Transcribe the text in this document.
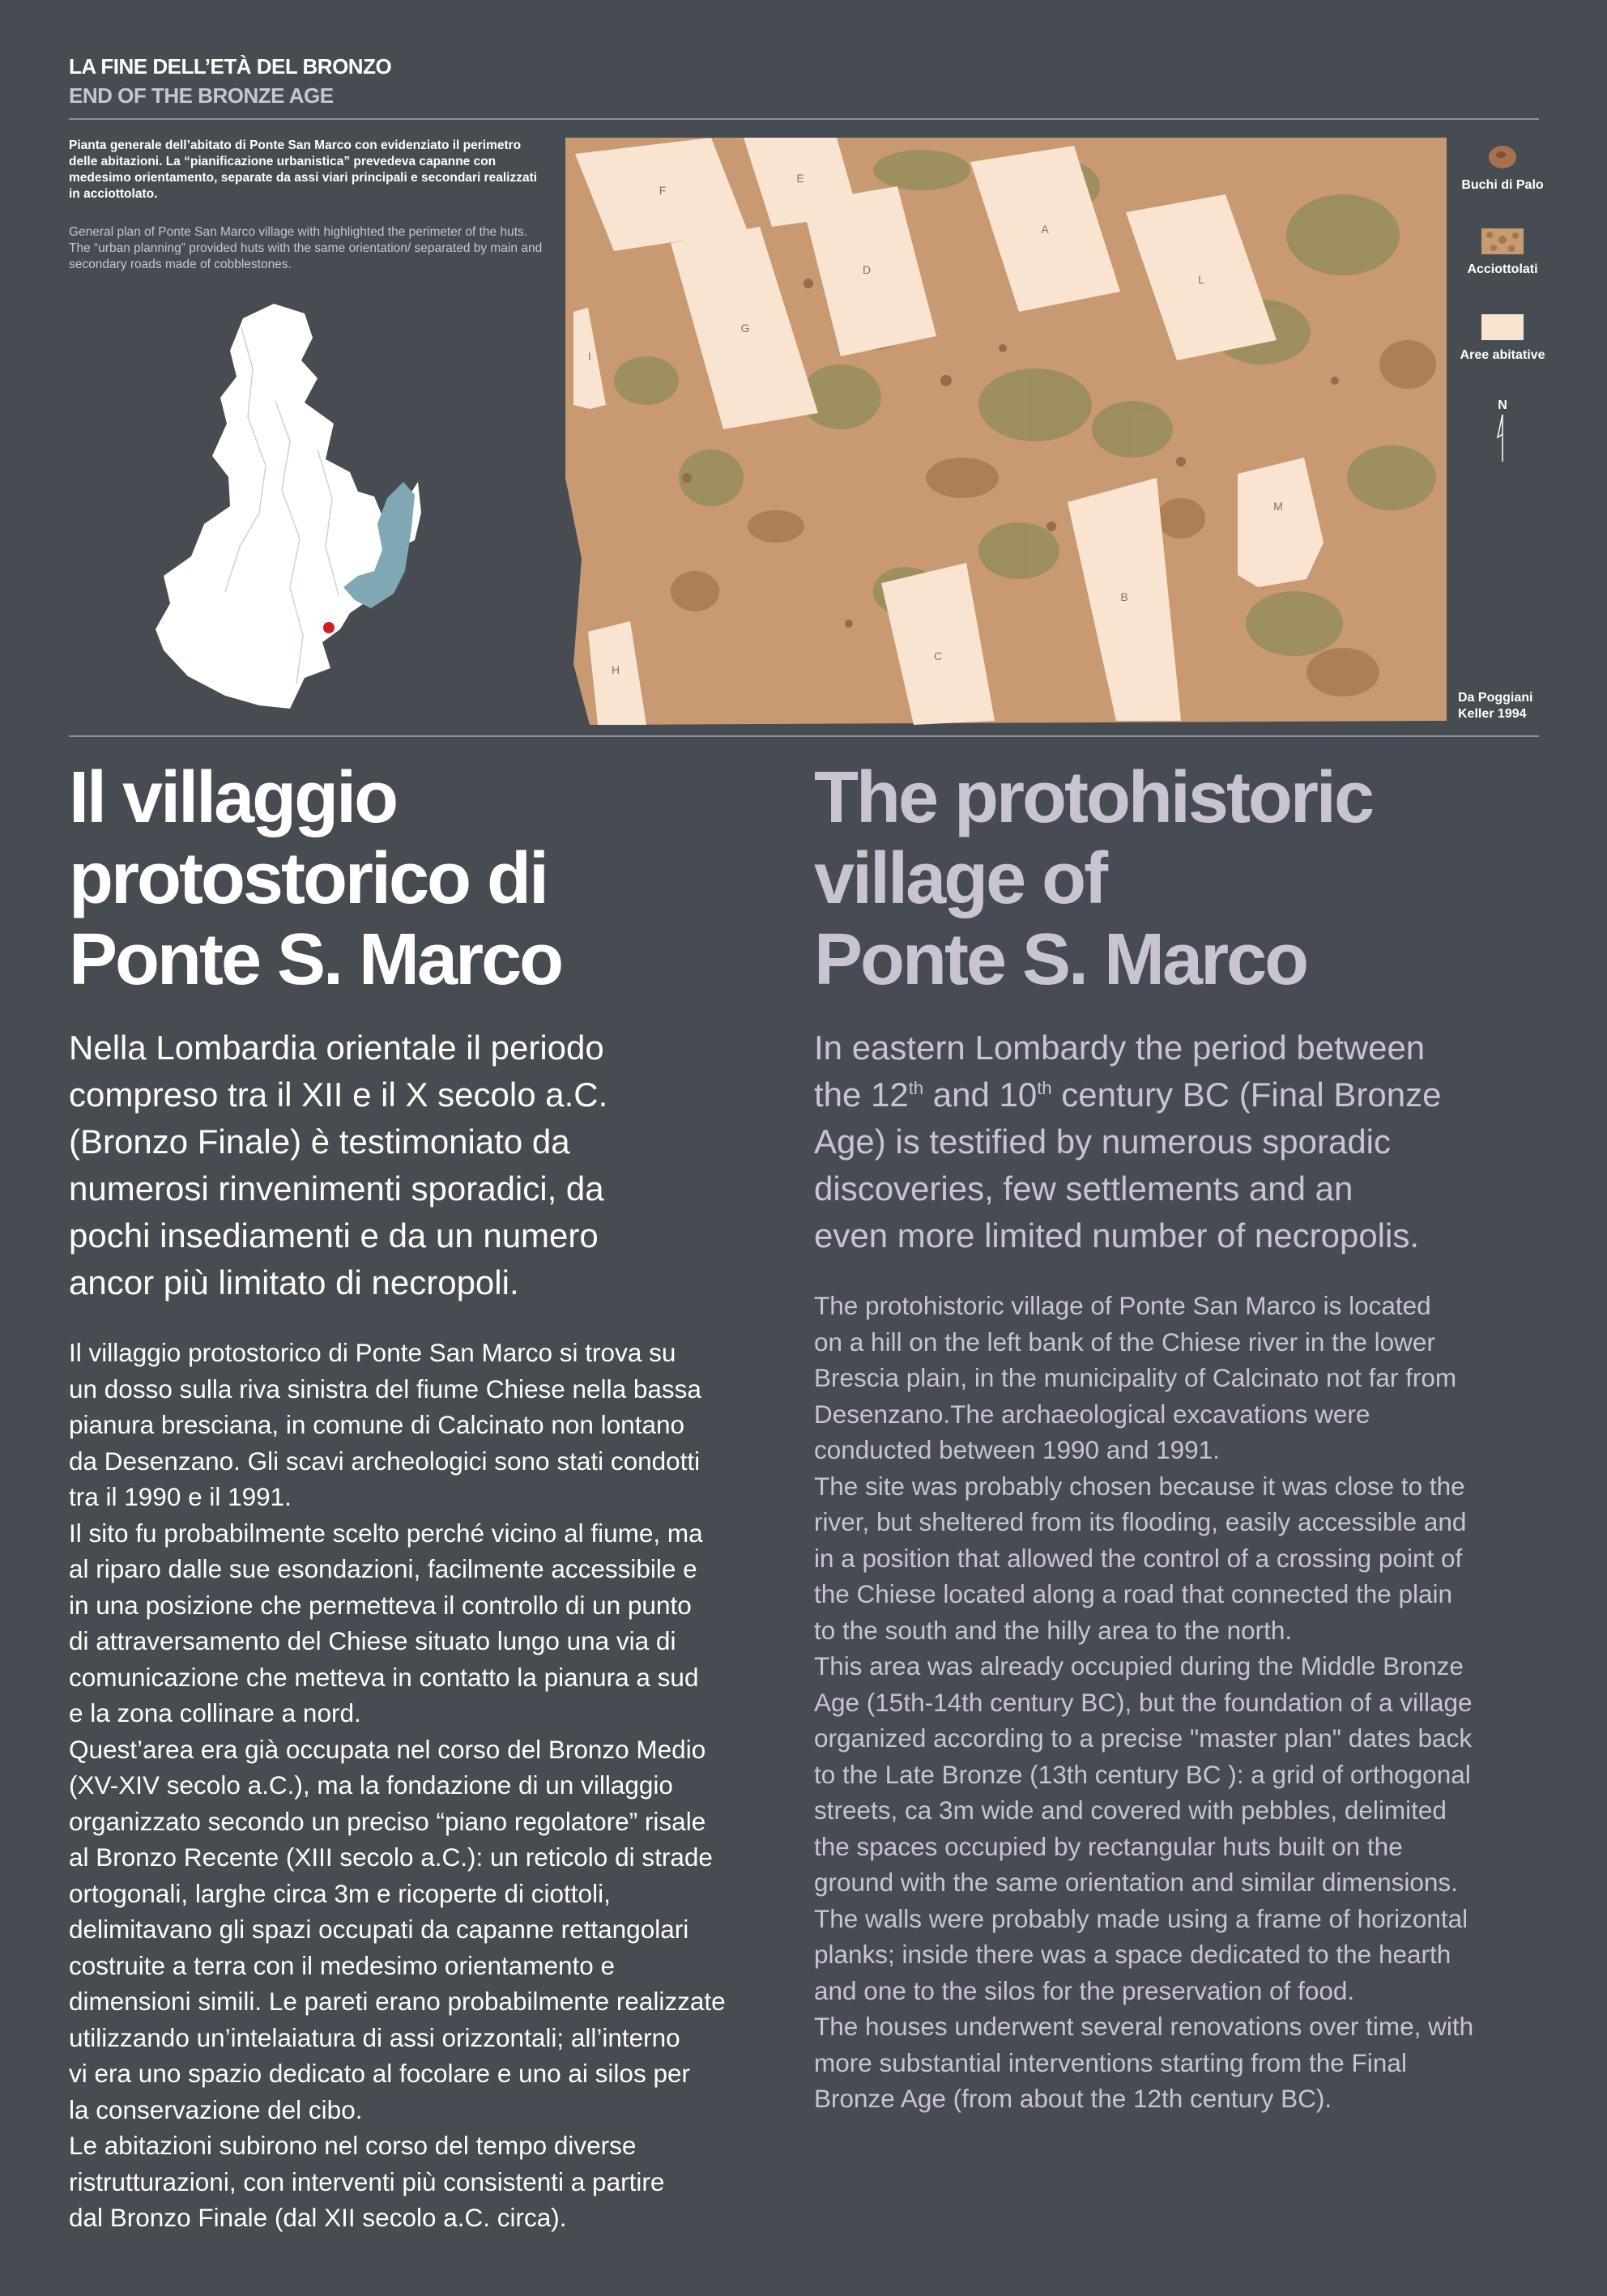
LA FINE DELL’ETÀ DEL BRONZO
END OF THE BRONZE AGE
Pianta generale dell’abitato di Ponte San Marco con evidenziato il perimetro delle abitazioni. La “pianificazione urbanistica” prevedeva capanne con medesimo orientamento, separate da assi viari principali e secondari realizzati in acciottolato.
General plan of Ponte San Marco village with highlighted the perimeter of the huts. The “urban planning” provided huts with the same orientation/ separated by main and secondary roads made of cobblestones.
F
E
A
L
D
G
I
M
B
C
H
Buchi di Palo
Acciottolati
Aree abitative
N
Da Poggiani
Keller 1994
Il villaggio
protostorico di
Ponte S. Marco
The protohistoric
village of
Ponte S. Marco
Nella Lombardia orientale il periodo
compreso tra il XII e il X secolo a.C.
(Bronzo Finale) è testimoniato da
numerosi rinvenimenti sporadici, da
pochi insediamenti e da un numero
ancor più limitato di necropoli.
In eastern Lombardy the period between
the 12th and 10th century BC (Final Bronze
Age) is testified by numerous sporadic
discoveries, few settlements and an
even more limited number of necropolis.

Il villaggio protostorico di Ponte San Marco si trova su

un dosso sulla riva sinistra del fiume Chiese nella bassa

pianura bresciana, in comune di Calcinato non lontano

da Desenzano. Gli scavi archeologici sono stati condotti

tra il 1990 e il 1991.

Il sito fu probabilmente scelto perché vicino al fiume, ma

al riparo dalle sue esondazioni, facilmente accessibile e

in una posizione che permetteva il controllo di un punto

di attraversamento del Chiese situato lungo una via di

comunicazione che metteva in contatto la pianura a sud

e la zona collinare a nord.

Quest’area era già occupata nel corso del Bronzo Medio

(XV-XIV secolo a.C.), ma la fondazione di un villaggio

organizzato secondo un preciso “piano regolatore” risale

al Bronzo Recente (XIII secolo a.C.): un reticolo di strade

ortogonali, larghe circa 3m e ricoperte di ciottoli,

delimitavano gli spazi occupati da capanne rettangolari

costruite a terra con il medesimo orientamento e

dimensioni simili. Le pareti erano probabilmente realizzate

utilizzando un’intelaiatura di assi orizzontali; all’interno

vi era uno spazio dedicato al focolare e uno ai silos per

la conservazione del cibo.

Le abitazioni subirono nel corso del tempo diverse

ristrutturazioni, con interventi più consistenti a partire

dal Bronzo Finale (dal XII secolo a.C. circa).

The protohistoric village of Ponte San Marco is located

on a hill on the left bank of the Chiese river in the lower

Brescia plain, in the municipality of Calcinato not far from

Desenzano.The archaeological excavations were

conducted between 1990 and 1991.

The site was probably chosen because it was close to the

river, but sheltered from its flooding, easily accessible and

in a position that allowed the control of a crossing point of

the Chiese located along a road that connected the plain

to the south and the hilly area to the north.

This area was already occupied during the Middle Bronze

Age (15th-14th century BC), but the foundation of a village

organized according to a precise "master plan" dates back

to the Late Bronze (13th century BC ): a grid of orthogonal

streets, ca 3m wide and covered with pebbles, delimited

the spaces occupied by rectangular huts built on the

ground with the same orientation and similar dimensions.

The walls were probably made using a frame of horizontal

planks; inside there was a space dedicated to the hearth

and one to the silos for the preservation of food.

The houses underwent several renovations over time, with

more substantial interventions starting from the Final

Bronze Age (from about the 12th century BC).
